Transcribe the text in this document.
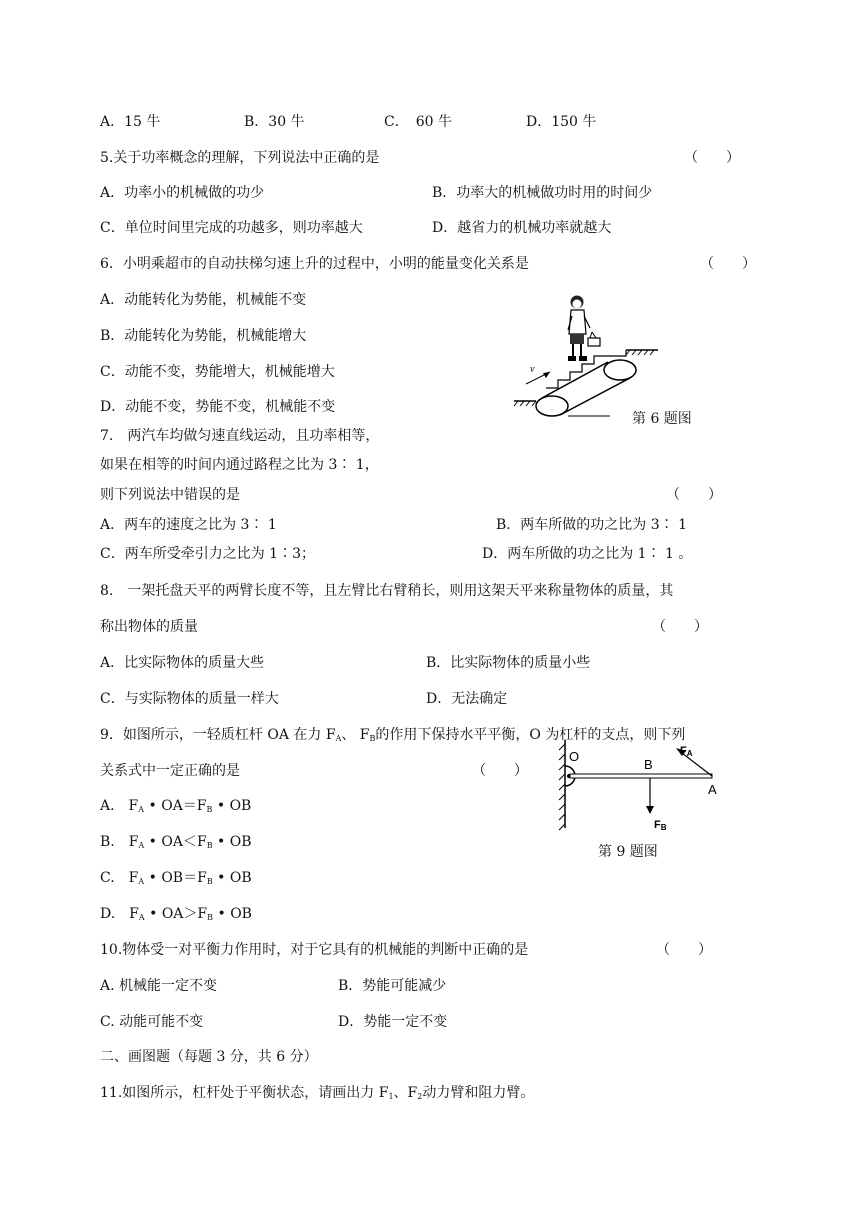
A．15 牛	B．30 牛	C．　60 牛	D．150 牛
5.关于功率概念的理解，下列说法中正确的是	（　　）
A．功率小的机械做的功少	B．功率大的机械做功时用的时间少
C．单位时间里完成的功越多，则功率越大	D．越省力的机械功率就越大
6．小明乘超市的自动扶梯匀速上升的过程中，小明的能量变化关系是	（　　）
A．动能转化为势能，机械能不变
B．动能转化为势能，机械能增大
C．动能不变，势能增大，机械能增大
D．动能不变，势能不变，机械能不变
v
第 6 题图
7.　两汽车均做匀速直线运动，且功率相等，
如果在相等的时间内通过路程之比为 3∶ 1，
则下列说法中错误的是	（　　）
A．两车的速度之比为 3∶ 1	B．两车所做的功之比为 3∶ 1
C．两车所受牵引力之比为 1∶3；	D．两车所做的功之比为 1∶ 1 。
8.　一架托盘天平的两臂长度不等，且左臂比右臂稍长，则用这架天平来称量物体的质量，其
称出物体的质量	（　　）
A．比实际物体的质量大些	B．比实际物体的质量小些
C．与实际物体的质量一样大	D．无法确定
9．如图所示，一轻质杠杆 OA 在力 $F_A$、 $F_B$的作用下保持水平平衡，O 为杠杆的支点，则下列
关系式中一定正确的是	（　　）
A.　$F_A$ • $OA=F_B$ • OB
B.　$F_A$ • $OA<F_B$ • OB
C.　$F_A$ • $OB=F_B$ • OB
D.　$F_A$ • $OA>F_B$ • OB
O
B
A
FA
FB
第 9 题图
10.物体受一对平衡力作用时，对于它具有的机械能的判断中正确的是	（　　）
A. 机械能一定不变	B．势能可能减少
C. 动能可能不变	D．势能一定不变
二、画图题（每题 3 分，共 6 分）
11.如图所示，杠杆处于平衡状态，请画出力 $F_1$、$F_2$动力臂和阻力臂。
